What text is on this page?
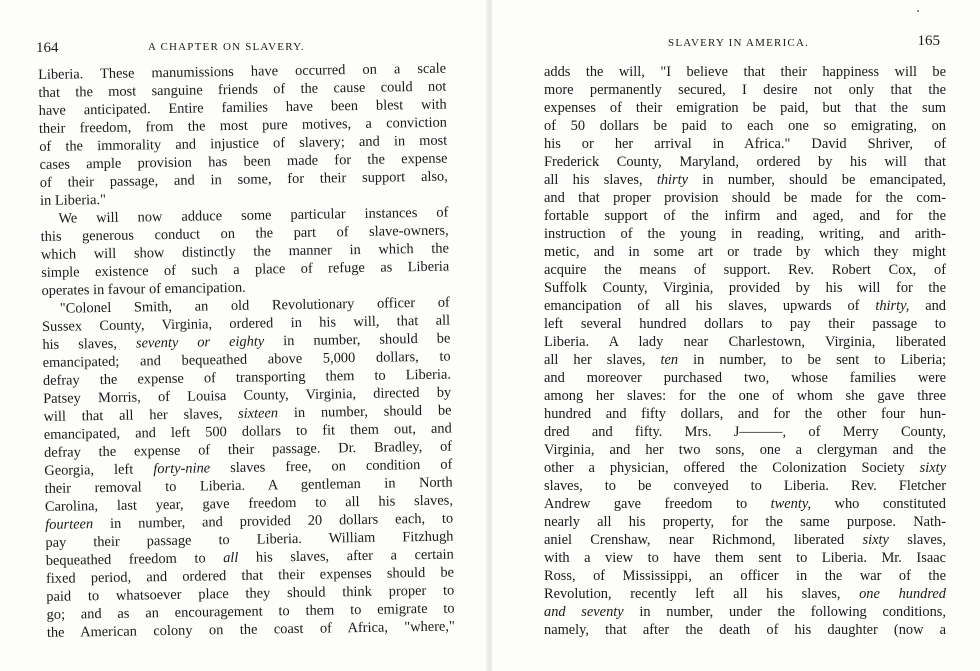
164	A CHAPTER ON SLAVERY.
Liberia. These manumissions have occurred on a scale
that the most sanguine friends of the cause could not
have anticipated. Entire families have been blest with
their freedom, from the most pure motives, a conviction
of the immorality and injustice of slavery; and in most
cases ample provision has been made for the expense
of their passage, and in some, for their support also,
in Liberia."
We will now adduce some particular instances of
this generous conduct on the part of slave-owners,
which will show distinctly the manner in which the
simple existence of such a place of refuge as Liberia
operates in favour of emancipation.
"Colonel Smith, an old Revolutionary officer of
Sussex County, Virginia, ordered in his will, that all
his slaves, seventy or eighty in number, should be
emancipated; and bequeathed above 5,000 dollars, to
defray the expense of transporting them to Liberia.
Patsey Morris, of Louisa County, Virginia, directed by
will that all her slaves, sixteen in number, should be
emancipated, and left 500 dollars to fit them out, and
defray the expense of their passage. Dr. Bradley, of
Georgia, left forty-nine slaves free, on condition of
their removal to Liberia. A gentleman in North
Carolina, last year, gave freedom to all his slaves,
fourteen in number, and provided 20 dollars each, to
pay their passage to Liberia. William Fitzhugh
bequeathed freedom to all his slaves, after a certain
fixed period, and ordered that their expenses should be
paid to whatsoever place they should think proper to
go; and as an encouragement to them to emigrate to
the American colony on the coast of Africa, "where,"
165
SLAVERY IN AMERICA.
adds the will, "I believe that their happiness will be
more permanently secured, I desire not only that the
expenses of their emigration be paid, but that the sum
of 50 dollars be paid to each one so emigrating, on
his or her arrival in Africa." David Shriver, of
Frederick County, Maryland, ordered by his will that
all his slaves, thirty in number, should be emancipated,
and that proper provision should be made for the com-
fortable support of the infirm and aged, and for the
instruction of the young in reading, writing, and arith-
metic, and in some art or trade by which they might
acquire the means of support. Rev. Robert Cox, of
Suffolk County, Virginia, provided by his will for the
emancipation of all his slaves, upwards of thirty, and
left several hundred dollars to pay their passage to
Liberia. A lady near Charlestown, Virginia, liberated
all her slaves, ten in number, to be sent to Liberia;
and moreover purchased two, whose families were
among her slaves: for the one of whom she gave three
hundred and fifty dollars, and for the other four hun-
dred and fifty. Mrs. J———, of Merry County,
Virginia, and her two sons, one a clergyman and the
other a physician, offered the Colonization Society sixty
slaves, to be conveyed to Liberia. Rev. Fletcher
Andrew gave freedom to twenty, who constituted
nearly all his property, for the same purpose. Nath-
aniel Crenshaw, near Richmond, liberated sixty slaves,
with a view to have them sent to Liberia. Mr. Isaac
Ross, of Mississippi, an officer in the war of the
Revolution, recently left all his slaves, one hundred
and seventy in number, under the following conditions,
namely, that after the death of his daughter (now a
